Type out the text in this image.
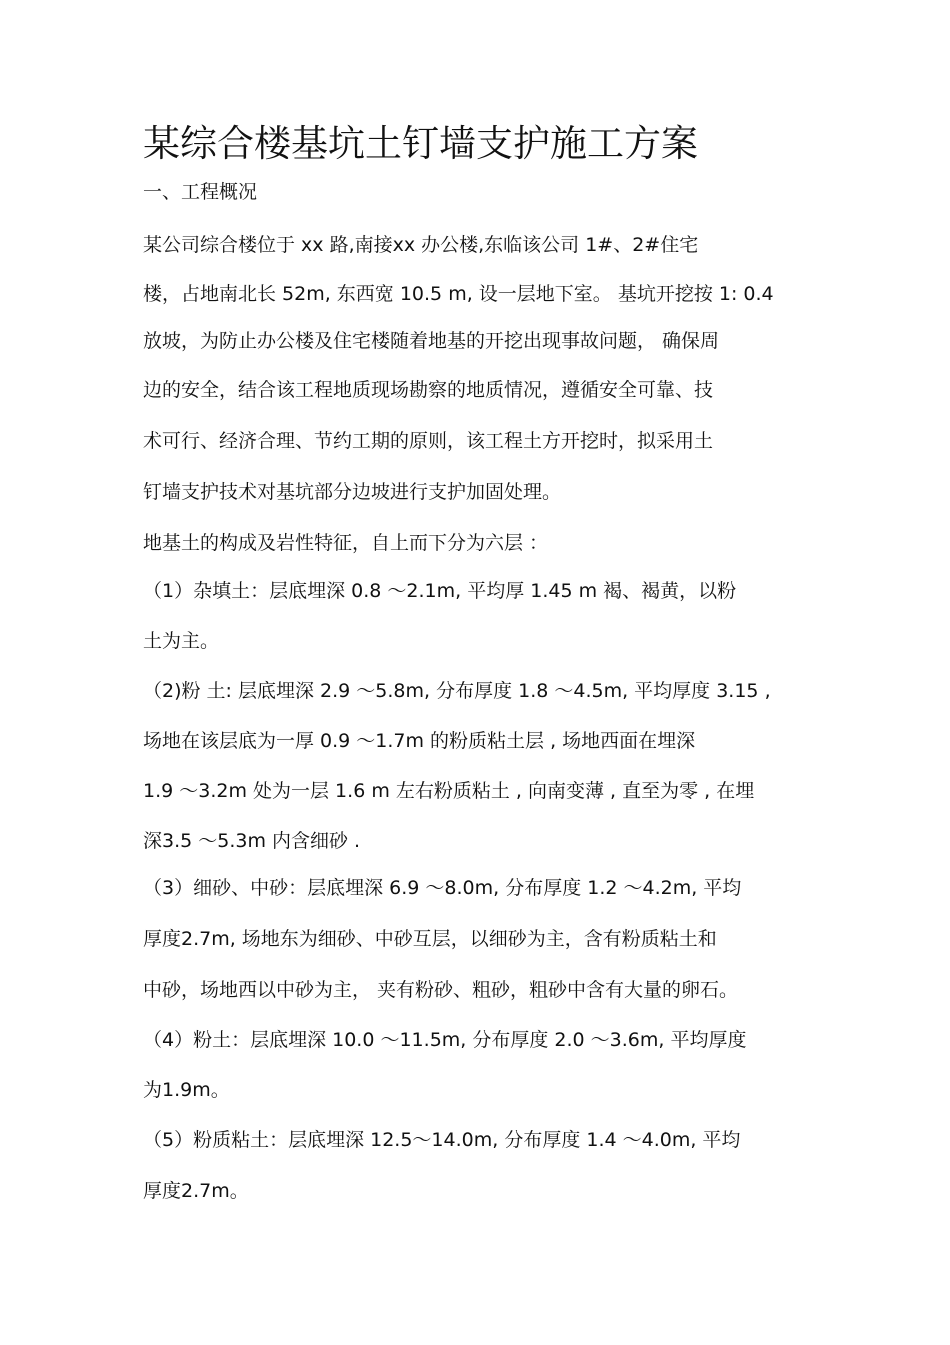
某综合楼基坑土钉墙支护施工方案
一、工程概况
某公司综合楼位于 xx 路,南接xx 办公楼,东临该公司 1#、2#住宅
楼，占地南北长 52m, 东西宽 10.5 m, 设一层地下室。 基坑开挖按 1: 0.4
放坡，为防止办公楼及住宅楼随着地基的开挖出现事故问题， 确保周
边的安全，结合该工程地质现场勘察的地质情况，遵循安全可靠、技
术可行、经济合理、节约工期的原则，该工程土方开挖时，拟采用土
钉墙支护技术对基坑部分边坡进行支护加固处理。
地基土的构成及岩性特征，自上而下分为六层 ：
（1）杂填土：层底埋深 0.8 ～2.1m, 平均厚 1.45 m 褐、褐黄，以粉
土为主。
（2)粉 土: 层底埋深 2.9 ～5.8m, 分布厚度 1.8 ～4.5m, 平均厚度 3.15 ,
场地在该层底为一厚 0.9 ～1.7m 的粉质粘土层 , 场地西面在埋深
1.9 ～3.2m 处为一层 1.6 m 左右粉质粘土 , 向南变薄 , 直至为零 , 在埋
深3.5 ～5.3m 内含细砂 .
（3）细砂、中砂：层底埋深 6.9 ～8.0m, 分布厚度 1.2 ～4.2m, 平均
厚度2.7m, 场地东为细砂、中砂互层，以细砂为主，含有粉质粘土和
中砂，场地西以中砂为主， 夹有粉砂、粗砂，粗砂中含有大量的卵石。
（4）粉土：层底埋深 10.0 ～11.5m, 分布厚度 2.0 ～3.6m, 平均厚度
为1.9m。
（5）粉质粘土：层底埋深 12.5～14.0m, 分布厚度 1.4 ～4.0m, 平均
厚度2.7m。
